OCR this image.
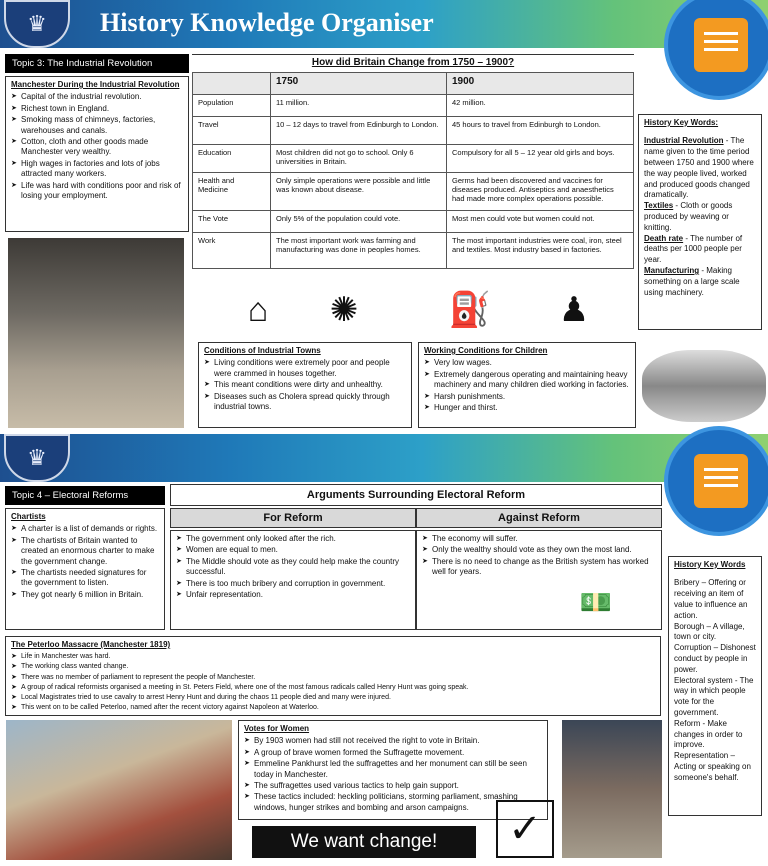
♛	History Knowledge Organiser
Topic 3: The Industrial Revolution
Manchester During the Industrial Revolution
➤ Capital of the industrial revolution.
➤ Richest town in England.
➤ Smoking mass of chimneys, factories, warehouses and canals.
➤ Cotton, cloth and other goods made Manchester very wealthy.
➤ High wages in factories and lots of jobs attracted many workers.
➤ Life was hard with conditions poor and risk of losing your employment.
How did Britain Change from 1750 – 1900?
	1750	1900
Population	11 million.	42 million.
Travel	10 – 12 days to travel from Edinburgh to London.	45 hours to travel from Edinburgh to London.
Education	Most children did not go to school. Only 6 universities in Britain.	Compulsory for all 5 – 12 year old girls and boys.
Health and Medicine	Only simple operations were possible and little was known about disease.	Germs had been discovered and vaccines for diseases produced. Antiseptics and anaesthetics had made more complex operations possible.
The Vote	Only 5% of the population could vote.	Most men could vote but women could not.
Work	The most important work was farming and manufacturing was done in peoples homes.	The most important industries were coal, iron, steel and textiles. Most industry based in factories.
⌂	✺	⛽	♟
History Key Words:
Industrial Revolution - The name given to the time period between 1750 and 1900 where the way people lived, worked and produced goods changed dramatically.
Textiles - Cloth or goods produced by weaving or knitting.
Death rate - The number of deaths per 1000 people per year.
Manufacturing - Making something on a large scale using machinery.
Conditions of Industrial Towns
➤ Living conditions were extremely poor and people were crammed in houses together.
➤ This meant conditions were dirty and unhealthy.
➤ Diseases such as Cholera spread quickly through industrial towns.
Working Conditions for Children
➤ Very low wages.
➤ Extremely dangerous operating and maintaining heavy machinery and many children died working in factories.
➤ Harsh punishments.
➤ Hunger and thirst.
♛
Topic 4 – Electoral Reforms
Chartists
➤ A charter is a list of demands or rights.
➤ The chartists of Britain wanted to created an enormous charter to make the government change.
➤ The chartists needed signatures for the government to listen.
➤ They got nearly 6 million in Britain.
Arguments Surrounding Electoral Reform
For Reform	Against Reform
➤ The government only looked after the rich.
➤ Women are equal to men.
➤ The Middle should vote as they could help make the country successful.
➤ There is too much bribery and corruption in government.
➤ Unfair representation.
➤ The economy will suffer.
➤ Only the wealthy should vote as they own the most land.
➤ There is no need to change as the British system has worked well for years.
💵
History Key Words
Bribery – Offering or receiving an item of value to influence an action.
Borough – A village, town or city.
Corruption – Dishonest conduct by people in power.
Electoral system - The way in which people vote for the government.
Reform - Make changes in order to improve.
Representation – Acting or speaking on someone's behalf.
The Peterloo Massacre (Manchester 1819)
➤ Life in Manchester was hard.
➤ The working class wanted change.
➤ There was no member of parliament to represent the people of Manchester.
➤ A group of radical reformists organised a meeting in St. Peters Field, where one of the most famous radicals called Henry Hunt was going speak.
➤ Local Magistrates tried to use cavalry to arrest Henry Hunt and during the chaos 11 people died and many were injured.
➤ This went on to be called Peterloo, named after the recent victory against Napoleon at Waterloo.
Votes for Women
➤ By 1903 women had still not received the right to vote in Britain.
➤ A group of brave women formed the Suffragette movement.
➤ Emmeline Pankhurst led the suffragettes and her monument can still be seen today in Manchester.
➤ The suffragettes used various tactics to help gain support.
➤ These tactics included: heckling politicians, storming parliament, smashing windows, hunger strikes and bombing and arson campaigns.
We want change!	✓
